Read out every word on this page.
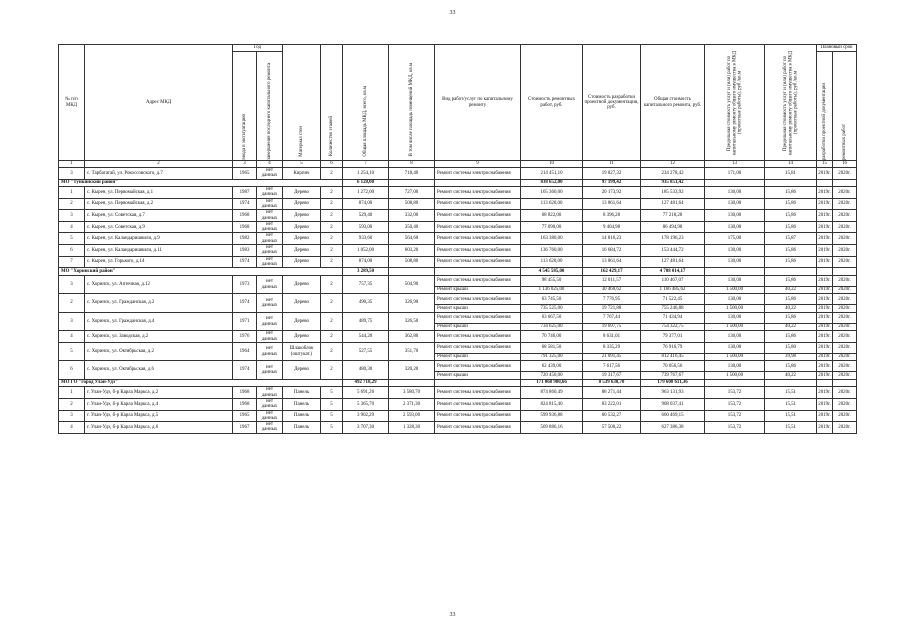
33
№ п/п МКД	Адрес МКД	Год		Материал стен	Количество этажей	Общая площадь МКД, всего, кв.м	В том числе площадь помещений МКД, кв.м	Вид работ/услуг по капитальному ремонту	Стоимость ремонтных работ, руб.	Стоимость разработки проектной документации, руб.	Общая стоимость капитального ремонта, руб.	Предельная стоимость услуг и (или) работ по капитальному ремонту общего имущества в МКД (проектные работы), руб./кв.м	Предельная стоимость услуг и (или) работ по капитальному ремонту общего имущества в МКД (проектные работы), руб./кв.м	Плановый срок	

		ввода в эксплуатацию	завершения последнего капитального ремонта											разработки проектной документации	ремонтных работ

1	2	3	4	5	6	7	8	9	10	11	12	13	14	15	16
3	с. Тарбагатай, ул. Рокоссовского, д.7	1965	нет данных	Кирпич	2	1 254,10	718,40	Ремонт системы электроснабжения	214 451,10	19 827,32	234 278,42	171,00	15,81	2019г.	2020г.
МО "Тункинский район"						6 128,00			838 652,00	97 199,42	935 851,42				
1	с. Кырен, ул. Первомайская, д.1	1987	нет данных	Дерево	2	1 272,00	727,00	Ремонт системы электроснабжения	165 360,00	20 173,92	185 533,92	130,00	15,86	2019г.	2020г.
2	с. Кырен, ул. Первомайская, д.2	1974	нет данных	Дерево	2	874,00	508,80	Ремонт системы электроснабжения	113 620,00	13 861,64	127 481,64	130,00	15,86	2019г.	2020г.
3	с. Кырен, ул. Советская, д.7	1968	нет данных	Дерево	2	529,40	332,00	Ремонт системы электроснабжения	68 822,00	8 396,28	77 218,28	130,00	15,86	2019г.	2020г.
4	с. Кырен, ул. Советская, д.9	1968	нет данных	Дерево	2	593,00	350,40	Ремонт системы электроснабжения	77 090,00	9 404,98	86 494,98	130,00	15,86	2019г.	2020г.
5	с. Кырен, ул. Каландаришвили, д.9	1982	нет данных	Дерево	2	933,60	564,60	Ремонт системы электроснабжения	163 380,00	14 816,23	178 196,23	175,00	15,87	2019г.	2020г.
6	с. Кырен, ул. Каландаришвили, д.11	1983	нет данных	Дерево	2	1 052,00	603,20	Ремонт системы электроснабжения	136 760,00	16 684,72	153 444,72	130,00	15,86	2019г.	2020г.
7	с. Кырен, ул. Горького, д.14	1974	нет данных	Дерево	2	874,00	508,80	Ремонт системы электроснабжения	113 620,00	13 861,64	127 481,64	130,00	15,86	2019г.	2020г.
МО "Хоринский район"						3 289,50			4 545 585,00	162 429,17	4 708 014,17				
3	с. Хоринск, ул. Аптечная, д.12	1973	нет данных	Дерево	2	757,35	504,90	Ремонт системы электроснабжения	98 455,50	12 011,57	110 467,07	130,00	15,86	2019г.	2020г.
								Ремонт крыши	1 136 025,00	30 460,62	1 166 485,62	1 500,00	40,22	2019г.	2020г.
2	с. Хоринск, ул. Гражданская, д.2	1974	нет данных	Дерево	2	490,35	326,90	Ремонт системы электроснабжения	63 745,50	7 776,95	71 522,45	130,00	15,86	2019г.	2020г.
								Ремонт крыши	735 525,00	19 721,88	755 246,88	1 500,00	40,22	2019г.	2020г.
3	с. Хоринск, ул. Гражданская, д.4	1971	нет данных	Дерево	2	489,75	326,50	Ремонт системы электроснабжения	63 667,50	7 767,44	71 434,94	130,00	15,86	2019г.	2020г.
								Ремонт крыши	734 625,00	19 697,75	754 322,75	1 500,00	40,22	2019г.	2020г.
4	с. Хоринск, ул. Заводская, д.2	1976	нет данных	Дерево	2	544,20	362,80	Ремонт системы электроснабжения	70 746,00	8 631,01	79 377,01	130,00	15,86	2019г.	2020г.
5	с. Хоринск, ул. Октябрьская, д.2	1964	нет данных	Шлакоблок (оштукат.)	2	527,55	351,70	Ремонт системы электроснабжения	68 581,50	8 335,29	76 916,79	130,00	15,80	2019г.	2020г.
								Ремонт крыши	791 325,00	21 091,45	812 416,45	1 500,00	39,98	2019г.	2020г.
6	с. Хоринск, ул. Октябрьская, д.6	1974	нет данных	Дерево	2	480,30	320,20	Ремонт системы электроснабжения	62 439,00	7 617,56	70 056,56	130,00	15,86	2019г.	2020г.
								Ремонт крыши	720 450,00	19 317,67	739 767,67	1 500,00	40,22	2019г.	2020г.
МО ГО "город Улан-Удэ"						492 718,29			171 068 980,66	8 539 630,70	179 608 611,36				
1	г. Улан-Удэ, б-р Карла Маркса, д.2	1968	нет данных	Панель	5	5 691,26	3 580,70	Ремонт системы электроснабжения	874 860,49	88 271,44	963 131,93	153,72	15,51	2019г.	2020г.
2	г. Улан-Удэ, б-р Карла Маркса, д.4	1968	нет данных	Панель	5	5 365,70	2 371,30	Ремонт системы электроснабжения	824 815,40	83 222,01	908 037,41	153,72	15,51	2019г.	2020г.
3	г. Улан-Удэ, б-р Карла Маркса, д.5	1965	нет данных	Панель	5	3 902,29	2 593,00	Ремонт системы электроснабжения	599 936,88	60 532,27	660 469,15	153,72	15,51	2019г.	2020г.
4	г. Улан-Удэ, б-р Карла Маркса, д.6	1967	нет данных	Панель	5	3 707,30	1 328,30	Ремонт системы электроснабжения	569 886,16	57 500,22	627 386,38	153,72	15,51	2019г.	2020г.
33
